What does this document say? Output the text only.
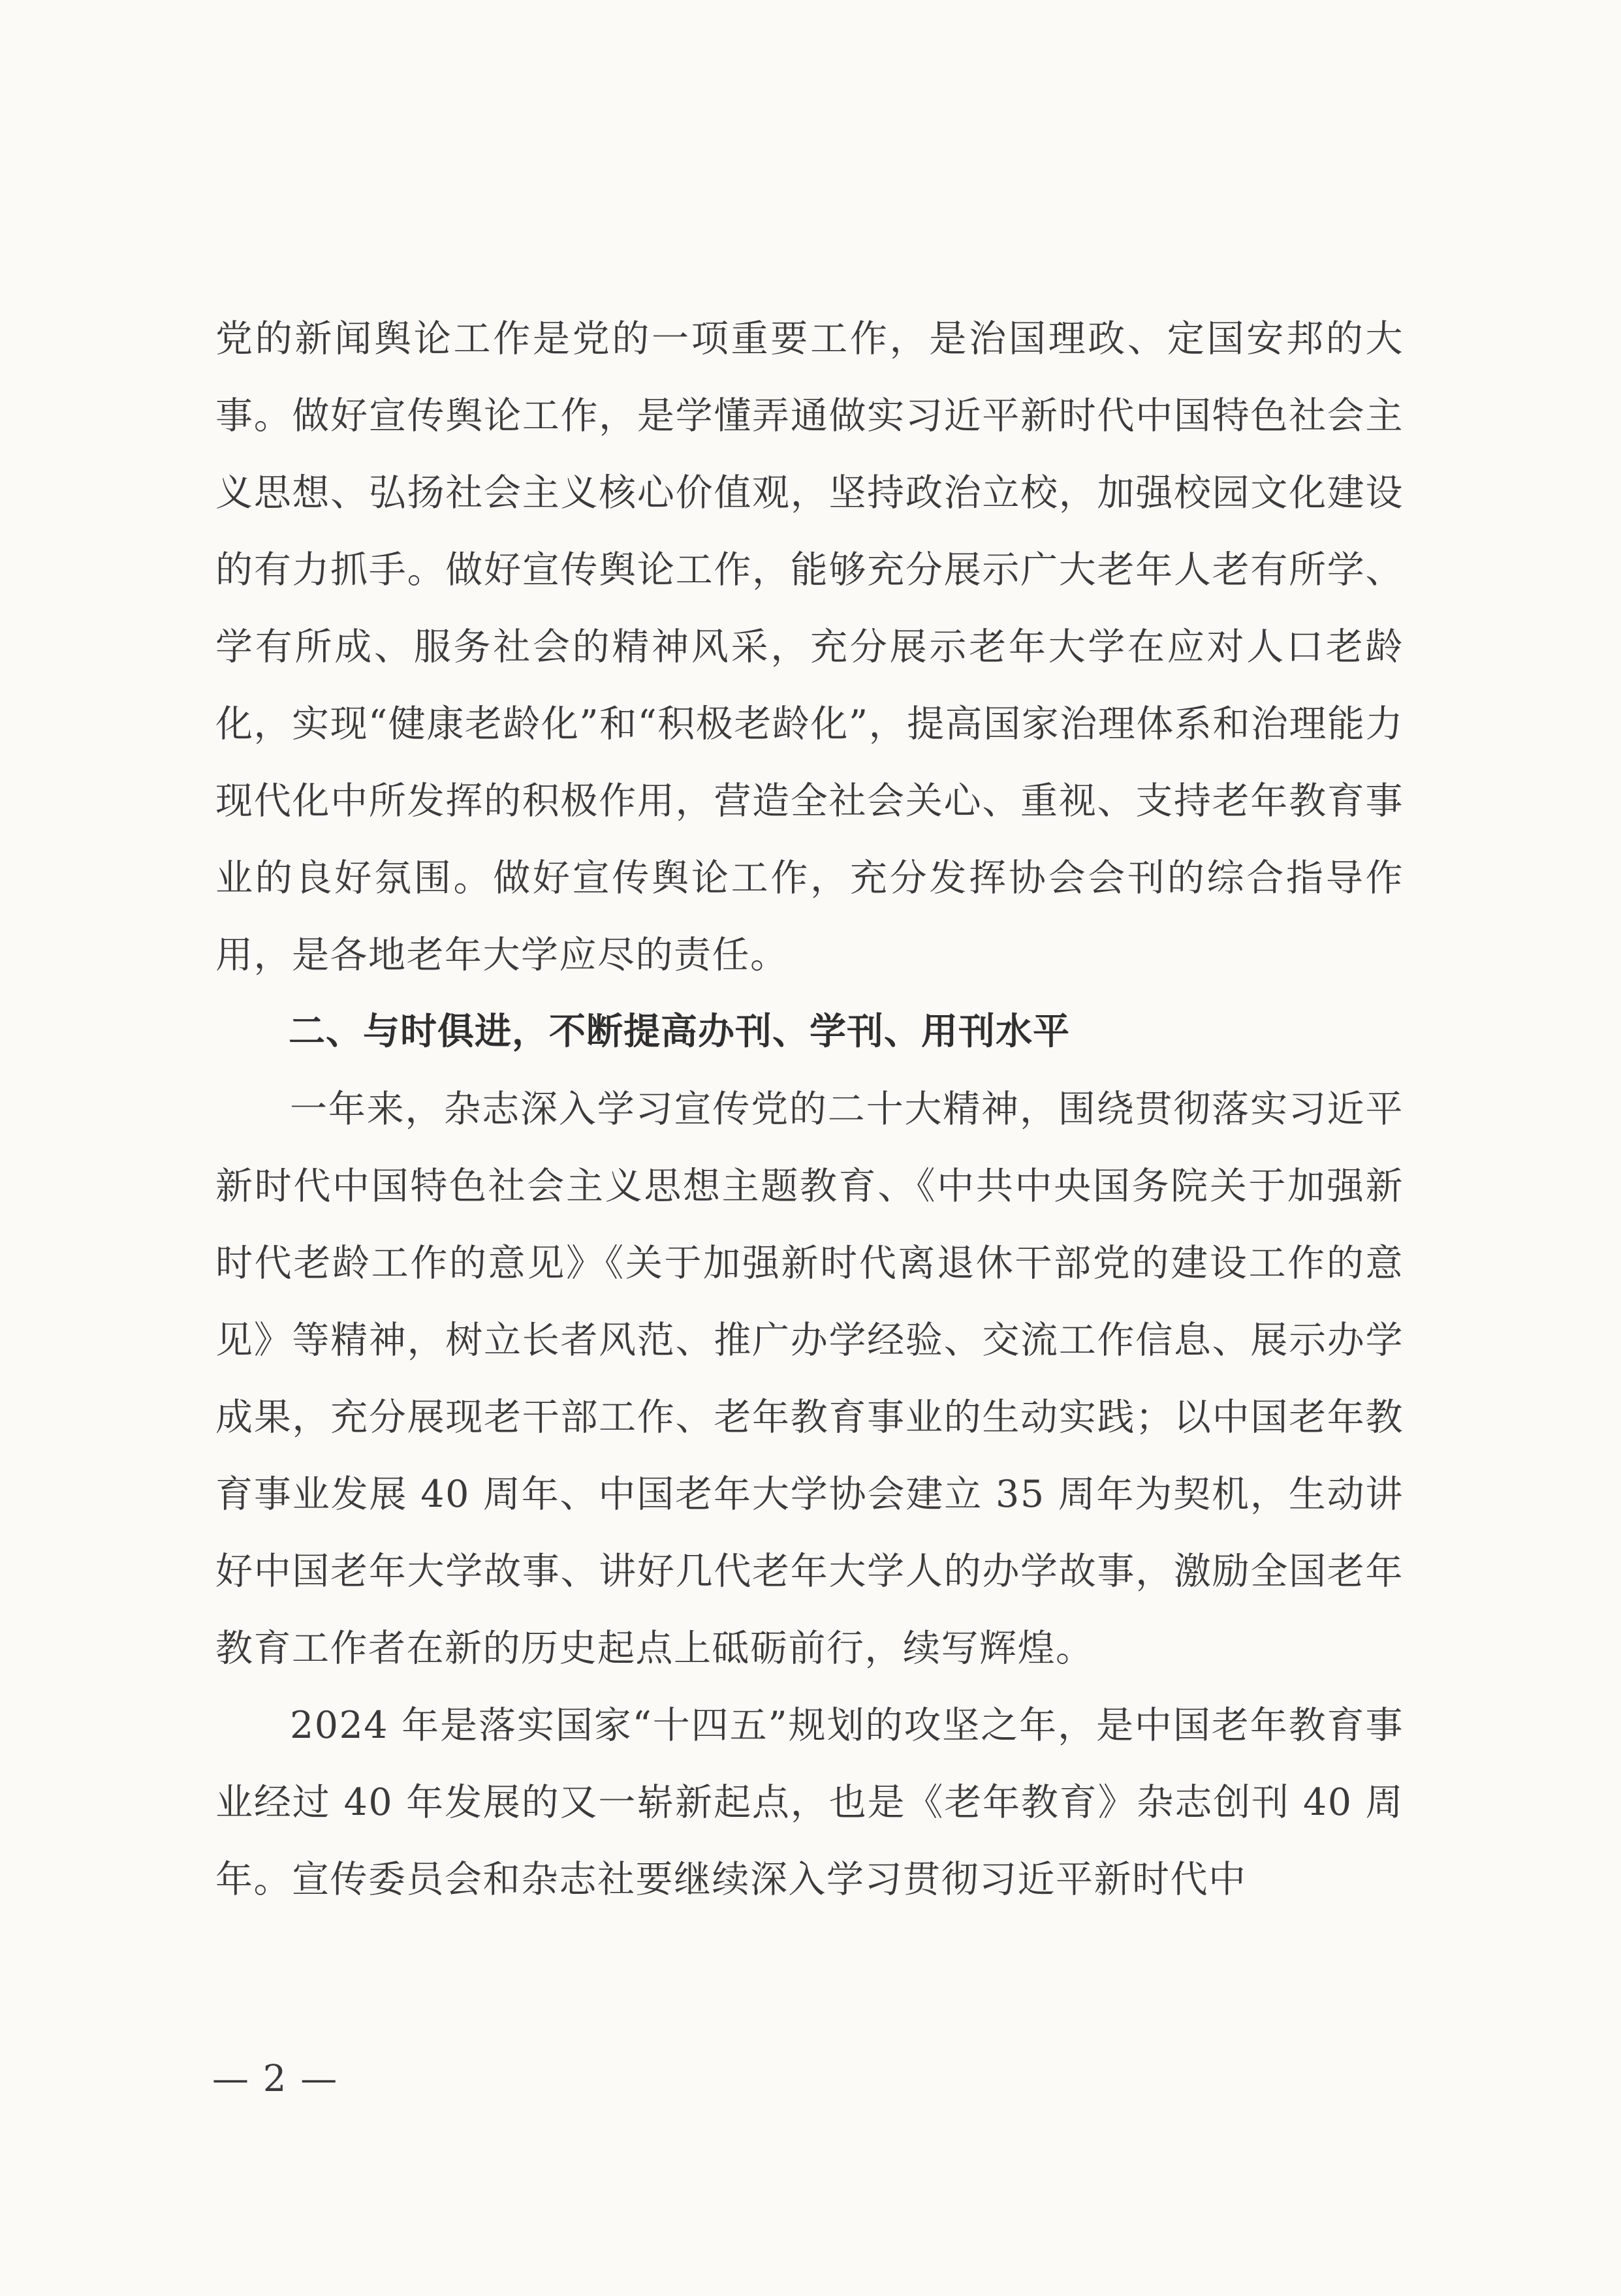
党的新闻舆论工作是党的一项重要工作，是治国理政、定国安邦的大事。做好宣传舆论工作，是学懂弄通做实习近平新时代中国特色社会主义思想、弘扬社会主义核心价值观，坚持政治立校，加强校园文化建设的有力抓手。做好宣传舆论工作，能够充分展示广大老年人老有所学、学有所成、服务社会的精神风采，充分展示老年大学在应对人口老龄化，实现“健康老龄化”和“积极老龄化”，提高国家治理体系和治理能力现代化中所发挥的积极作用，营造全社会关心、重视、支持老年教育事业的良好氛围。做好宣传舆论工作，充分发挥协会会刊的综合指导作用，是各地老年大学应尽的责任。

二、与时俱进，不断提高办刊、学刊、用刊水平

一年来，杂志深入学习宣传党的二十大精神，围绕贯彻落实习近平新时代中国特色社会主义思想主题教育、《中共中央国务院关于加强新时代老龄工作的意见》《关于加强新时代离退休干部党的建设工作的意见》等精神，树立长者风范、推广办学经验、交流工作信息、展示办学成果，充分展现老干部工作、老年教育事业的生动实践；以中国老年教育事业发展 40 周年、中国老年大学协会建立 35 周年为契机，生动讲好中国老年大学故事、讲好几代老年大学人的办学故事，激励全国老年教育工作者在新的历史起点上砥砺前行，续写辉煌。

2024 年是落实国家“十四五”规划的攻坚之年，是中国老年教育事业经过 40 年发展的又一崭新起点，也是《老年教育》杂志创刊 40 周年。宣传委员会和杂志社要继续深入学习贯彻习近平新时代中

— 2 —
